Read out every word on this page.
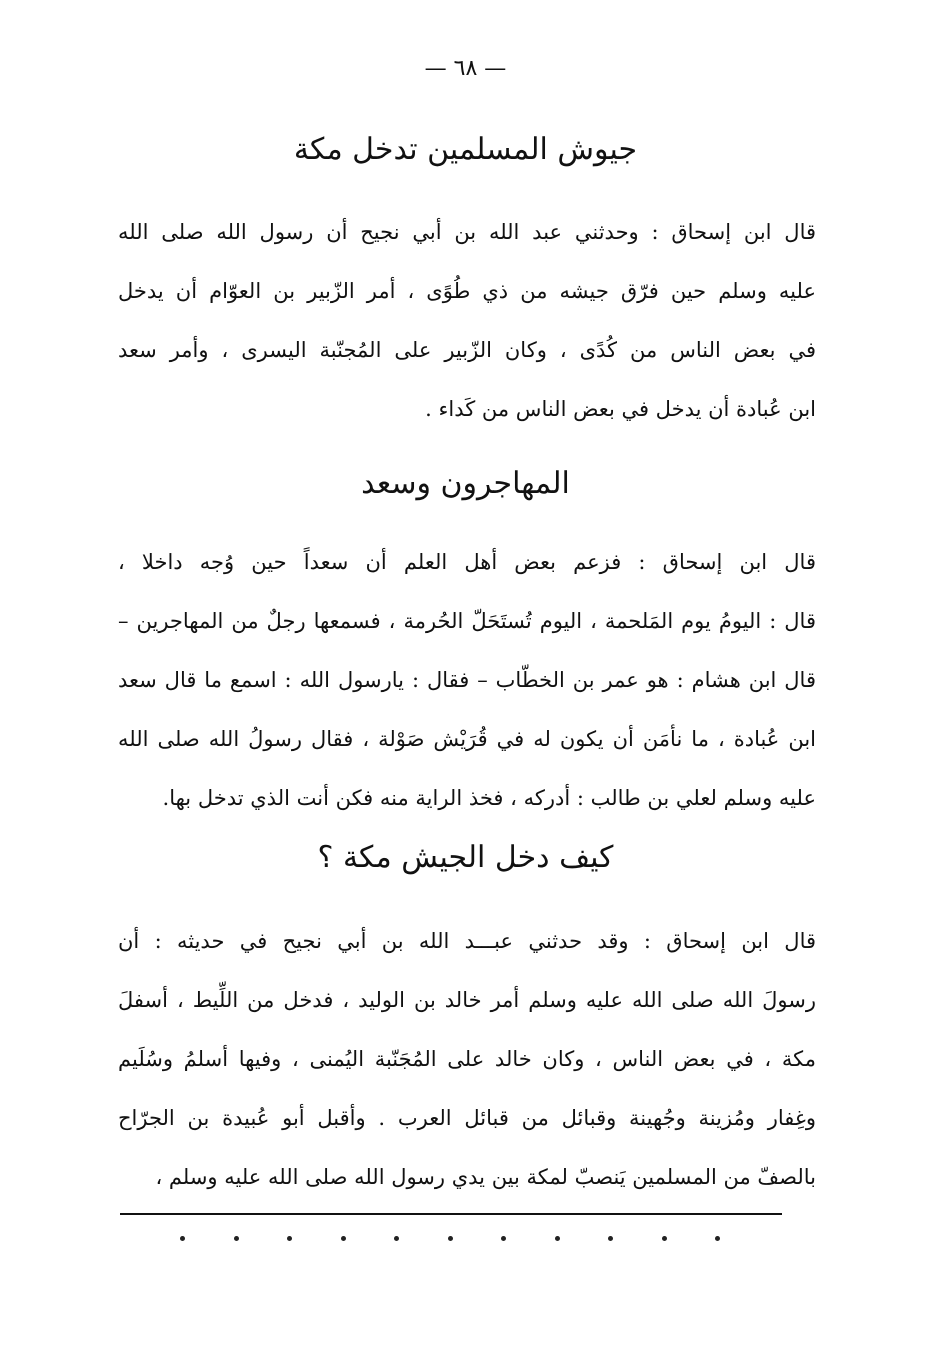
— ٦٨ —
جيوش المسلمين تدخل مكة
قال ابن إسحاق : وحدثني عبد الله بن أبي نجيح أن رسول الله صلى الله
عليه وسلم حين فرّق جيشه من ذي طُوًى ، أمر الزّبير بن العوّام أن يدخل
في بعض الناس من كُدًى ، وكان الزّبير على المُجنّبة اليسرى ، وأمر سعد
ابن عُبادة أن يدخل في بعض الناس من كَداء .
المهاجرون وسعد
قال ابن إسحاق : فزعم بعض أهل العلم أن سعداً حين وُجه داخلا ،
قال : اليومُ يوم المَلحمة ، اليوم تُستَحَلّ الحُرمة ، فسمعها رجلٌ من المهاجرين –
قال ابن هشام : هو عمر بن الخطّاب – فقال : يارسول الله : اسمع ما قال سعد
ابن عُبادة ، ما نأمَن أن يكون له في قُرَيْش صَوْلة ، فقال رسولُ الله صلى الله
عليه وسلم لعلي بن طالب : أدركه ، فخذ الراية منه فكن أنت الذي تدخل بها.
كيف دخل الجيش مكة ؟
قال ابن إسحاق : وقد حدثني عبـــد الله بن أبي نجيح في حديثه : أن
رسولَ الله صلى الله عليه وسلم أمر خالد بن الوليد ، فدخل من اللِّيط ، أسفلَ
مكة ، في بعض الناس ، وكان خالد على المُجَنّبة اليُمنى ، وفيها أسلمُ وسُلَيم
وغِفار ومُزينة وجُهينة وقبائل من قبائل العرب . وأقبل أبو عُبيدة بن الجرّاح
بالصفّ من المسلمين يَنصبّ لمكة بين يدي رسول الله صلى الله عليه وسلم ،
